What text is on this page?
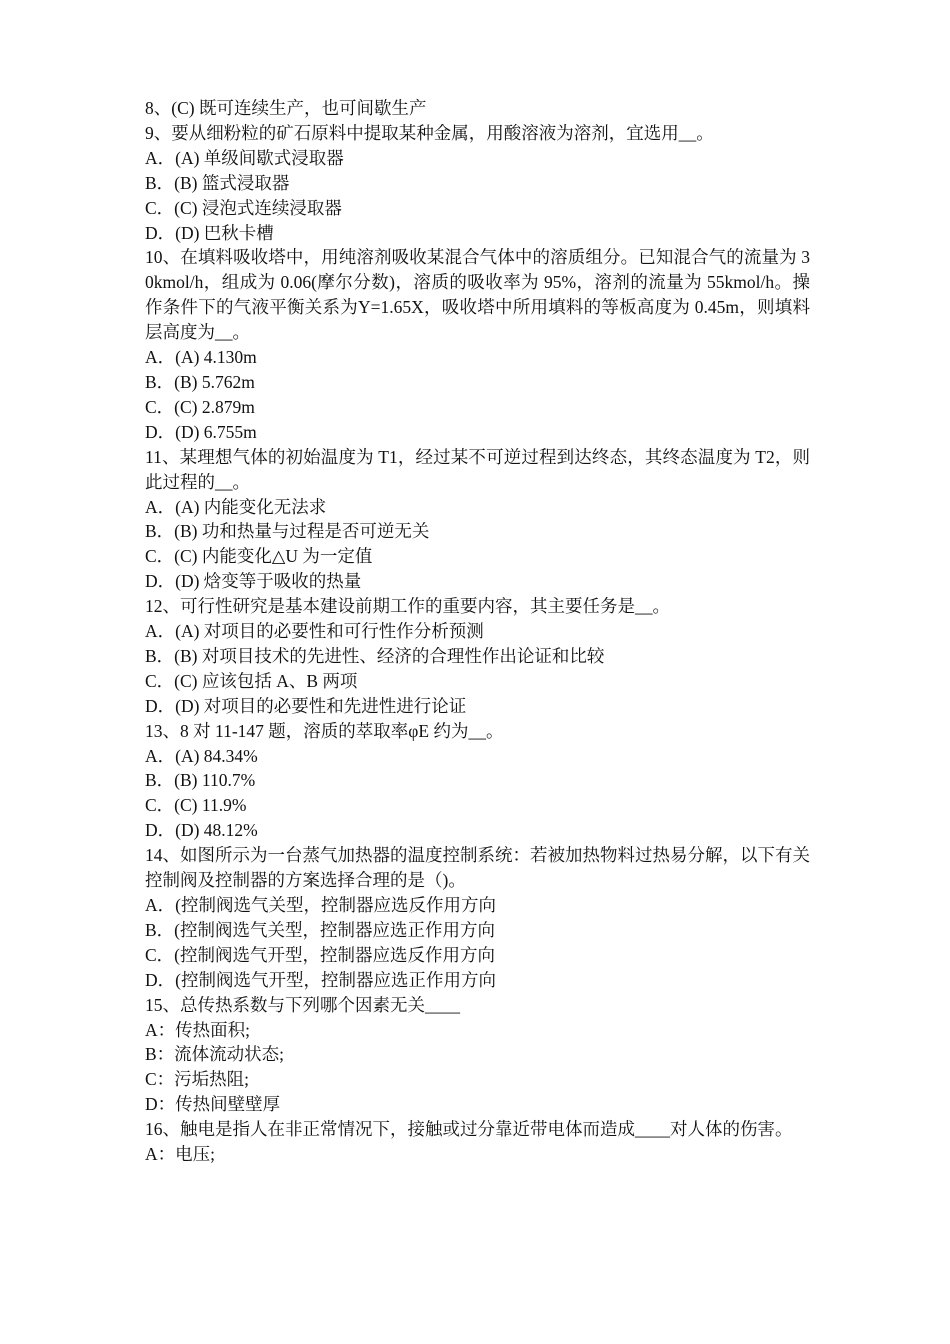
8、(C) 既可连续生产，也可间歇生产
9、要从细粉粒的矿石原料中提取某种金属，用酸溶液为溶剂，宜选用__。
A．(A) 单级间歇式浸取器
B．(B) 篮式浸取器
C．(C) 浸泡式连续浸取器
D．(D) 巴秋卡槽
10、在填料吸收塔中，用纯溶剂吸收某混合气体中的溶质组分。已知混合气的流量为 30kmol/h，组成为 0.06(摩尔分数)，溶质的吸收率为 95%，溶剂的流量为 55kmol/h。操作条件下的气液平衡关系为Y=1.65X，吸收塔中所用填料的等板高度为 0.45m，则填料层高度为__。
A．(A) 4.130m
B．(B) 5.762m
C．(C) 2.879m
D．(D) 6.755m
11、某理想气体的初始温度为 T1，经过某不可逆过程到达终态，其终态温度为 T2，则此过程的__。
A．(A) 内能变化无法求
B．(B) 功和热量与过程是否可逆无关
C．(C) 内能变化△U 为一定值
D．(D) 焓变等于吸收的热量
12、可行性研究是基本建设前期工作的重要内容，其主要任务是__。
A．(A) 对项目的必要性和可行性作分析预测
B．(B) 对项目技术的先进性、经济的合理性作出论证和比较
C．(C) 应该包括 A、B 两项
D．(D) 对项目的必要性和先进性进行论证
13、8 对 11-147 题，溶质的萃取率φE 约为__。
A．(A) 84.34%
B．(B) 110.7%
C．(C) 11.9%
D．(D) 48.12%
14、如图所示为一台蒸气加热器的温度控制系统：若被加热物料过热易分解，以下有关控制阀及控制器的方案选择合理的是（)。
A．(控制阀选气关型，控制器应选反作用方向
B．(控制阀选气关型，控制器应选正作用方向
C．(控制阀选气开型，控制器应选反作用方向
D．(控制阀选气开型，控制器应选正作用方向
15、总传热系数与下列哪个因素无关____
A：传热面积;
B：流体流动状态;
C：污垢热阻;
D：传热间壁壁厚
16、触电是指人在非正常情况下，接触或过分靠近带电体而造成____对人体的伤害。
A：电压;
